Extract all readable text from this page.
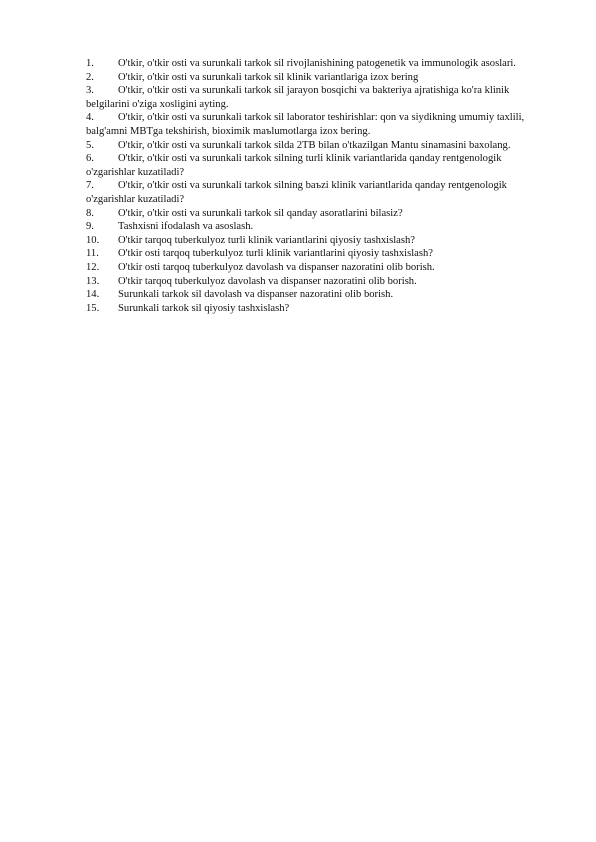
1.	O'tkir, o'tkir osti va surunkali tarkok sil rivojlanishining patogenetik va immunologik asoslari.
2.	O'tkir, o'tkir osti va surunkali tarkok sil klinik variantlariga izox bering
3.	O'tkir, o'tkir osti va surunkali tarkok sil jarayon bosqichi va bakteriya ajratishiga ko'ra klinik belgilarini o'ziga xosligini ayting.
4.	O'tkir, o'tkir osti va surunkali tarkok sil laborator teshirishlar: qon va siydikning umumiy taxlili, balg'amni MBTga tekshirish, bioximik maъlumotlarga izox bering.
5.	O'tkir, o'tkir osti va surunkali tarkok silda 2TB bilan o'tkazilgan Mantu sinamasini baxolang.
6.	O'tkir, o'tkir osti va surunkali tarkok silning turli klinik variantlarida qanday rentgenologik o'zgarishlar kuzatiladi?
7.	O'tkir, o'tkir osti va surunkali tarkok silning baъzi klinik variantlarida qanday rentgenologik o'zgarishlar kuzatiladi?
8.	O'tkir, o'tkir osti va surunkali tarkok sil qanday asoratlarini bilasiz?
9.	Tashxisni ifodalash va asoslash.
10.	O'tkir tarqoq tuberkulyoz turli klinik variantlarini qiyosiy tashxislash?
11.	O'tkir osti tarqoq tuberkulyoz turli klinik variantlarini qiyosiy tashxislash?
12.	O'tkir osti tarqoq tuberkulyoz davolash va dispanser nazoratini olib borish.
13.	O'tkir tarqoq tuberkulyoz davolash va dispanser nazoratini olib borish.
14.	Surunkali tarkok sil davolash va dispanser nazoratini olib borish.
15.	Surunkali tarkok sil qiyosiy tashxislash?
